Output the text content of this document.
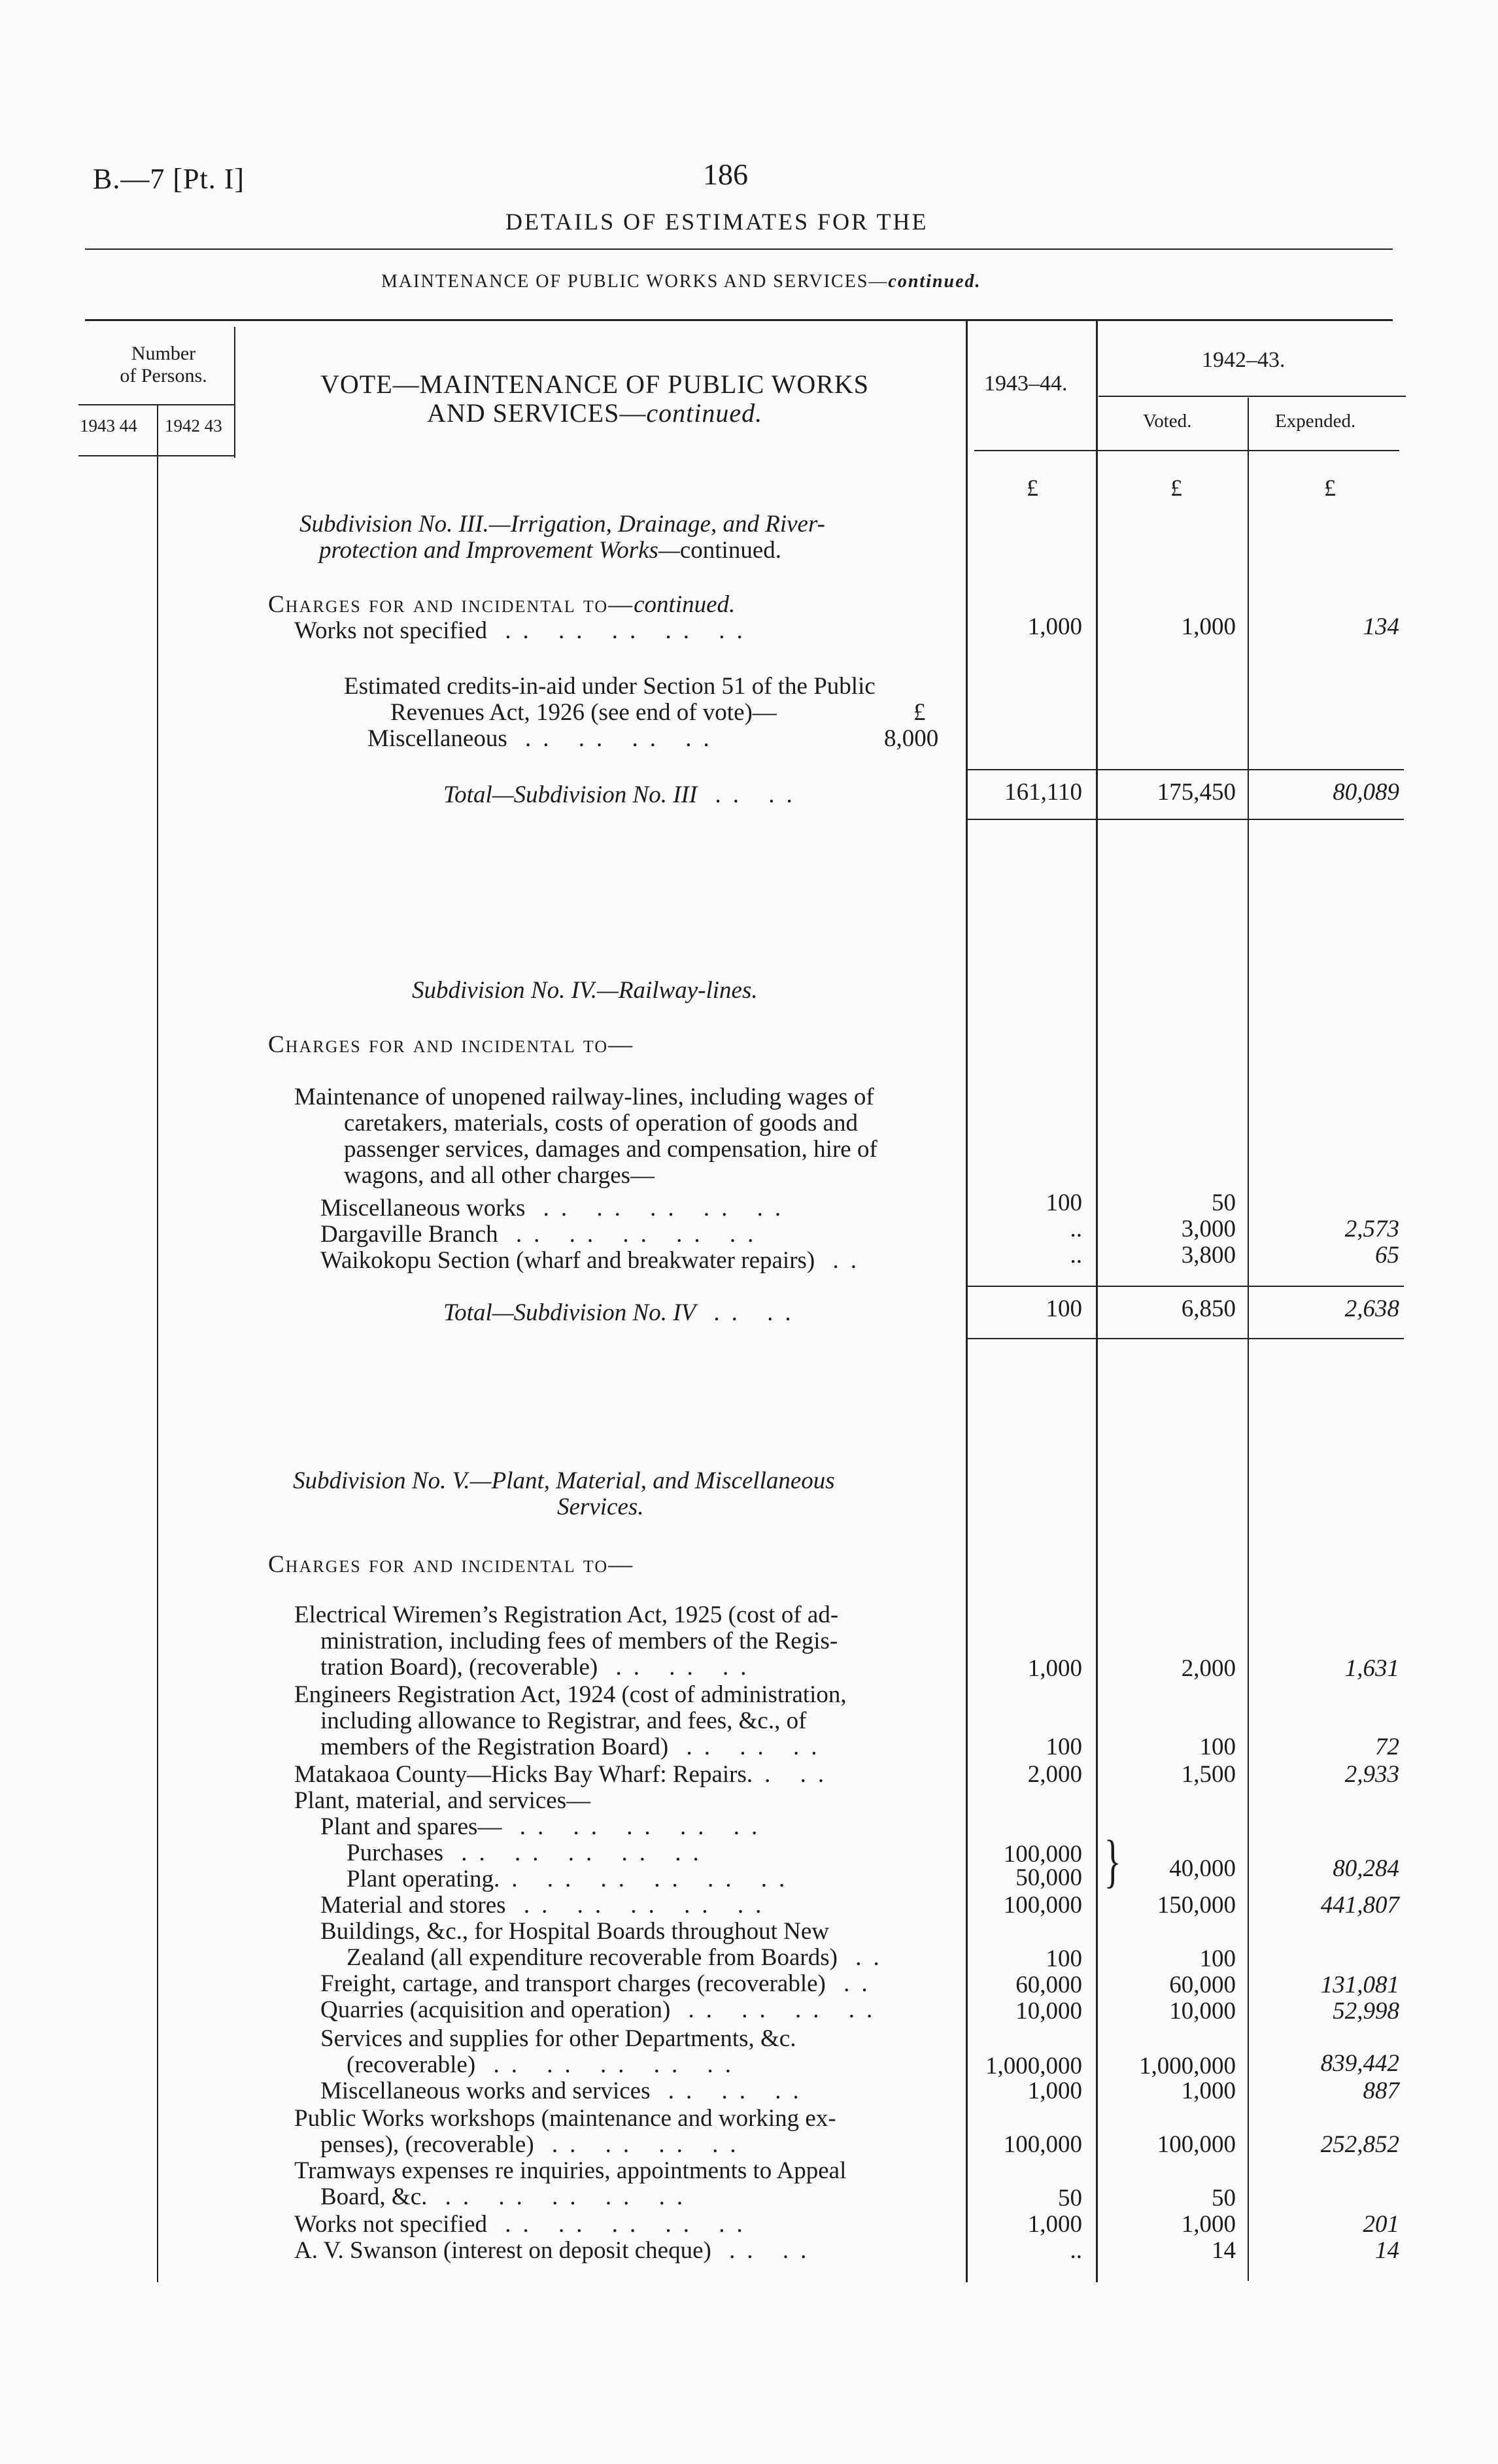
B.—7 [Pt. I]	186
DETAILS OF ESTIMATES FOR THE
MAINTENANCE OF PUBLIC WORKS AND SERVICES—continued.
Number
of Persons.
1943 44 1942 43
VOTE—MAINTENANCE OF PUBLIC WORKS
AND SERVICES—continued.
1943–44.
1942–43.
Voted.	Expended.
£	£	£
Subdivision No. III.—Irrigation, Drainage, and River-
protection and Improvement Works—continued.
Charges for and incidental to—continued.
Works not specified .. .. .. .. ..	1,000	1,000	134
Estimated credits-in-aid under Section 51 of the Public
Revenues Act, 1926 (see end of vote)—	£
Miscellaneous .. .. .. ..	8,000
Total—Subdivision No. III .. ..	161,110	175,450	80,089
Subdivision No. IV.—Railway-lines.
Charges for and incidental to—
Maintenance of unopened railway-lines, including wages of
caretakers, materials, costs of operation of goods and
passenger services, damages and compensation, hire of
wagons, and all other charges—
Miscellaneous works .. .. .. .. ..	100	50
Dargaville Branch .. .. .. .. ..	..	3,000	2,573
Waikokopu Section (wharf and breakwater repairs) ..	..	3,800	65
Total—Subdivision No. IV .. ..	100	6,850	2,638
Subdivision No. V.—Plant, Material, and Miscellaneous
Services.
Charges for and incidental to—
Electrical Wiremen’s Registration Act, 1925 (cost of ad-
ministration, including fees of members of the Regis-
tration Board), (recoverable) .. .. ..	1,000	2,000	1,631
Engineers Registration Act, 1924 (cost of administration,
including allowance to Registrar, and fees, &c., of
members of the Registration Board) .. .. ..	100	100	72
Matakaoa County—Hicks Bay Wharf: Repairs.. ..	2,000	1,500	2,933
Plant, material, and services—
Plant and spares— .. .. .. .. ..
Purchases .. .. .. .. ..	100,000
Plant operating.. .. .. .. .. ..	50,000 }	40,000	80,284
Material and stores .. .. .. .. ..	100,000	150,000	441,807
Buildings, &c., for Hospital Boards throughout New
Zealand (all expenditure recoverable from Boards) ..	100	100
Freight, cartage, and transport charges (recoverable) ..	60,000	60,000	131,081
Quarries (acquisition and operation) .. .. .. ..	10,000	10,000	52,998
Services and supplies for other Departments, &c.
(recoverable) .. .. .. .. ..	1,000,000	1,000,000	839,442
Miscellaneous works and services .. .. ..	1,000	1,000	887
Public Works workshops (maintenance and working ex-
penses), (recoverable) .. .. .. ..	100,000	100,000	252,852
Tramways expenses re inquiries, appointments to Appeal
Board, &c. .. .. .. .. ..	50	50
Works not specified .. .. .. .. ..	1,000	1,000	201
A. V. Swanson (interest on deposit cheque) .. ..	..	14	14
